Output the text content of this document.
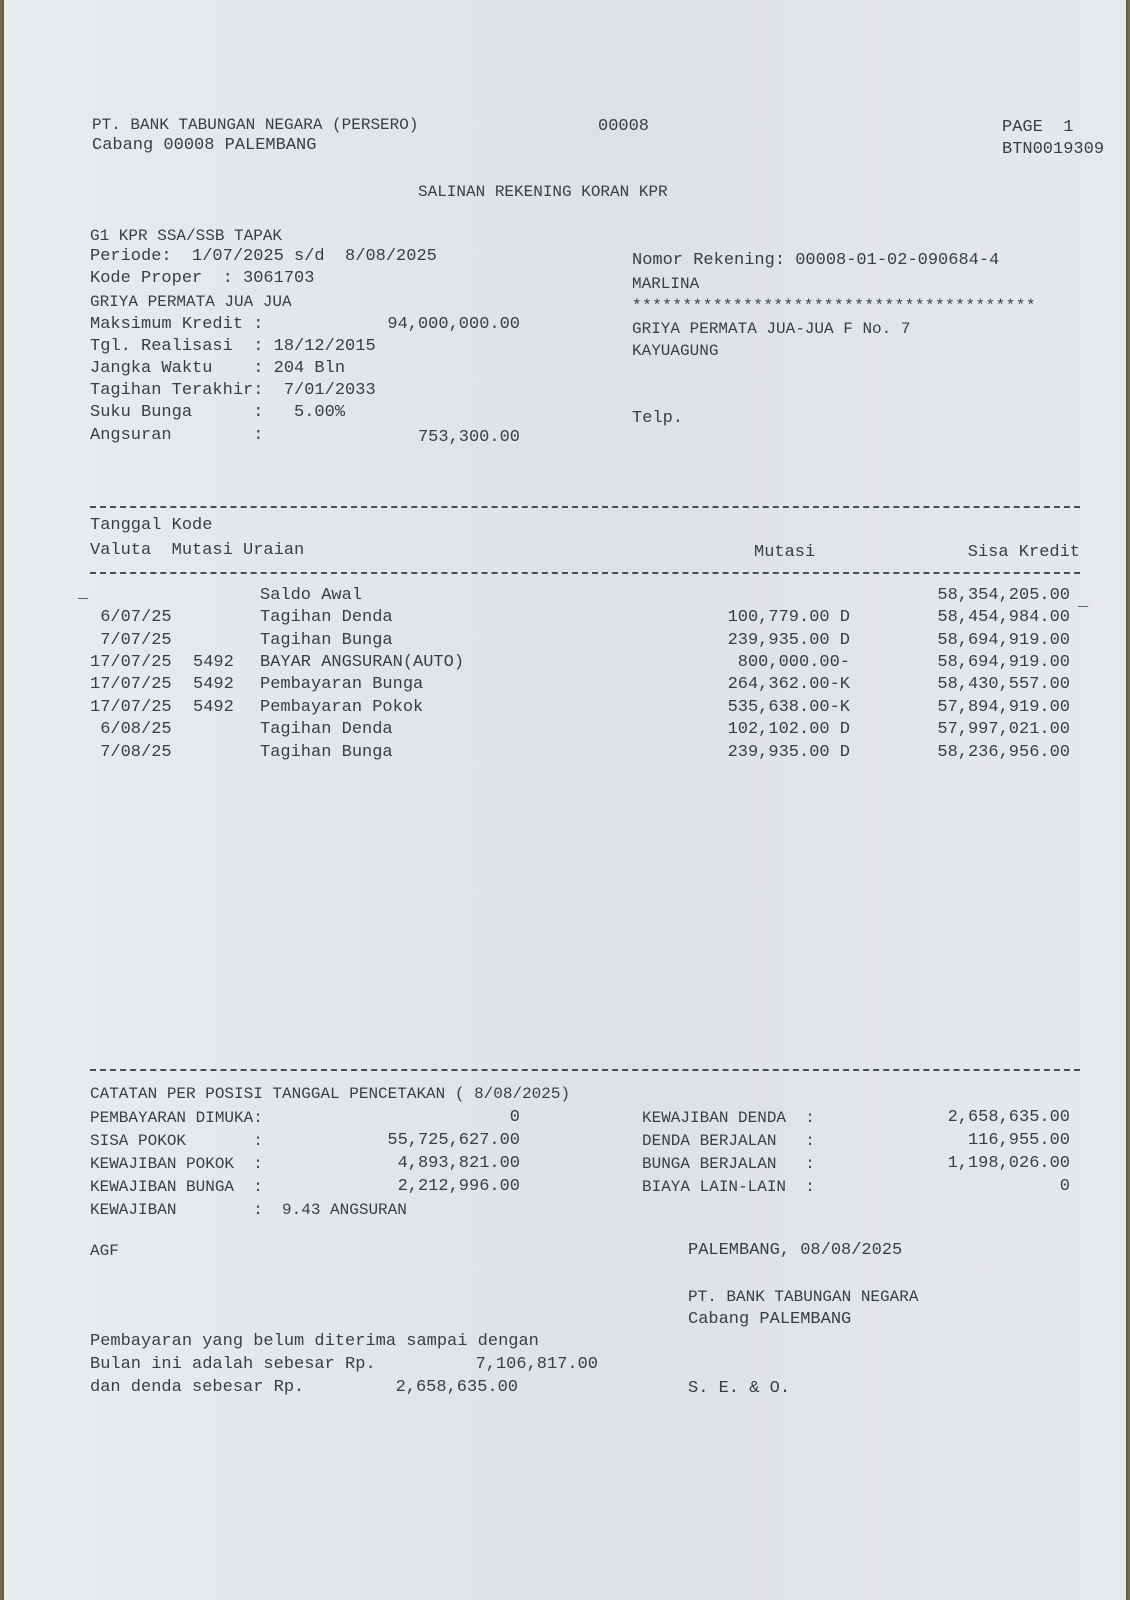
PT. BANK TABUNGAN NEGARA (PERSERO)
Cabang 00008 PALEMBANG
00008	PAGE  1
BTN0019309
SALINAN REKENING KORAN KPR
G1 KPR SSA/SSB TAPAK
Periode:  1/07/2025 s/d  8/08/2025
Kode Proper  : 3061703
GRIYA PERMATA JUA JUA
Maksimum Kredit :	94,000,000.00
Tgl. Realisasi  : 18/12/2015
Jangka Waktu    : 204 Bln
Tagihan Terakhir:  7/01/2033
Suku Bunga      :   5.00%
Angsuran        :	753,300.00
Nomor Rekening: 00008-01-02-090684-4
MARLINA
****************************************
GRIYA PERMATA JUA-JUA F No. 7
KAYUAGUNG
Telp.
Tanggal Kode
Valuta  Mutasi Uraian	Mutasi	Sisa Kredit
Saldo Awal	58,354,205.00
6/07/25	Tagihan Denda	100,779.00 D	58,454,984.00
7/07/25	Tagihan Bunga	239,935.00 D	58,694,919.00
17/07/25 5492 BAYAR ANGSURAN(AUTO)	800,000.00-	58,694,919.00
17/07/25 5492 Pembayaran Bunga	264,362.00-K	58,430,557.00
17/07/25 5492 Pembayaran Pokok	535,638.00-K	57,894,919.00
6/08/25	Tagihan Denda	102,102.00 D	57,997,021.00
7/08/25	Tagihan Bunga	239,935.00 D	58,236,956.00
_	_
CATATAN PER POSISI TANGGAL PENCETAKAN ( 8/08/2025)
PEMBAYARAN DIMUKA:	0
SISA POKOK       :	55,725,627.00
KEWAJIBAN POKOK  :	4,893,821.00
KEWAJIBAN BUNGA  :	2,212,996.00
KEWAJIBAN        :  9.43 ANGSURAN
KEWAJIBAN DENDA  :	2,658,635.00
DENDA BERJALAN   :	116,955.00
BUNGA BERJALAN   :	1,198,026.00
BIAYA LAIN-LAIN  :	0
AGF	PALEMBANG, 08/08/2025
PT. BANK TABUNGAN NEGARA
Cabang PALEMBANG
Pembayaran yang belum diterima sampai dengan
Bulan ini adalah sebesar Rp.	7,106,817.00
dan denda sebesar Rp.	2,658,635.00	S. E. & O.
